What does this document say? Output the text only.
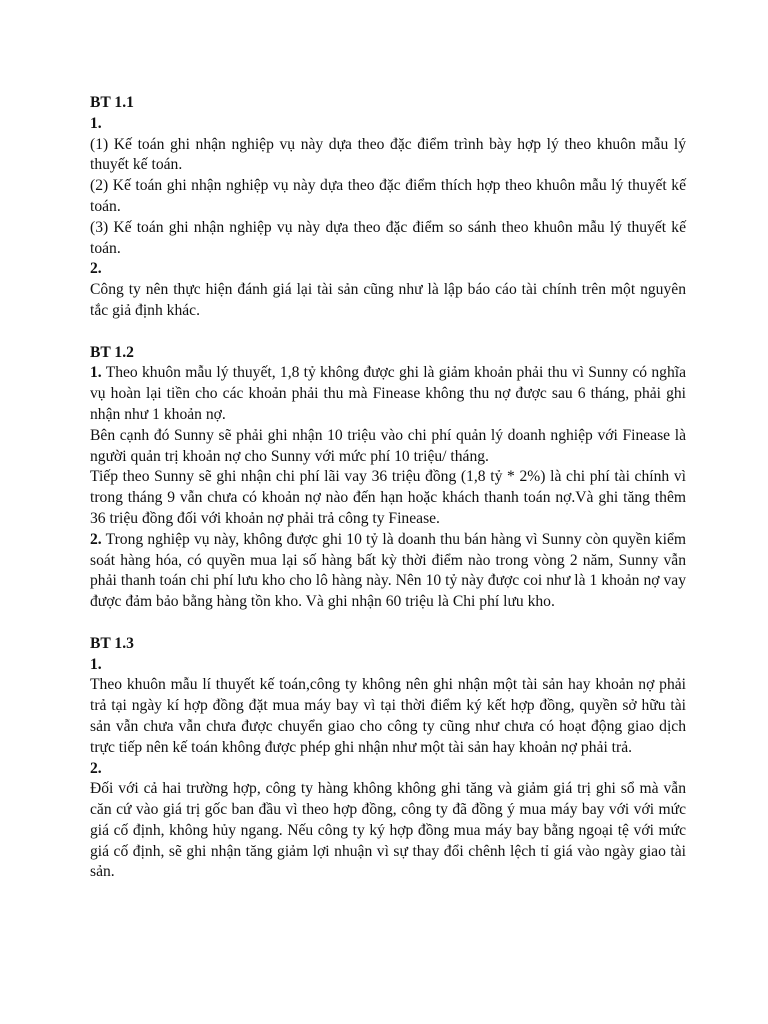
BT 1.1

1.

(1) Kế toán ghi nhận nghiệp vụ này dựa theo đặc điểm trình bày hợp lý theo khuôn mẫu lý thuyết kế toán.

(2) Kế toán ghi nhận nghiệp vụ này dựa theo đặc điểm thích hợp theo khuôn mẫu lý thuyết kế toán.

(3) Kế toán ghi nhận nghiệp vụ này dựa theo đặc điểm so sánh theo khuôn mẫu lý thuyết kế toán.

2.

Công ty nên thực hiện đánh giá lại tài sản cũng như là lập báo cáo tài chính trên một nguyên tắc giả định khác.

BT 1.2

1. Theo khuôn mẫu lý thuyết, 1,8 tỷ không được ghi là giảm khoản phải thu vì Sunny có nghĩa vụ hoàn lại tiền cho các khoản phải thu mà Finease không thu nợ được sau 6 tháng, phải ghi nhận như 1 khoản nợ.

Bên cạnh đó Sunny sẽ phải ghi nhận 10 triệu vào chi phí quản lý doanh nghiệp với Finease là người quản trị khoản nợ cho Sunny với mức phí 10 triệu/ tháng.

Tiếp theo Sunny sẽ ghi nhận chi phí lãi vay 36 triệu đồng (1,8 tỷ * 2%) là chi phí tài chính vì trong tháng 9 vẫn chưa có khoản nợ nào đến hạn hoặc khách thanh toán nợ.Và ghi tăng thêm 36 triệu đồng đối với khoản nợ phải trả công ty Finease.

2. Trong nghiệp vụ này, không được ghi 10 tỷ là doanh thu bán hàng vì Sunny còn quyền kiểm soát hàng hóa, có quyền mua lại số hàng bất kỳ thời điểm nào trong vòng 2 năm, Sunny vẫn phải thanh toán chi phí lưu kho cho lô hàng này. Nên 10 tỷ này được coi như là 1 khoản nợ vay được đảm bảo bằng hàng tồn kho. Và ghi nhận 60 triệu là Chi phí lưu kho.

BT 1.3

1.

Theo khuôn mẫu lí thuyết kế toán,công ty không nên ghi nhận một tài sản hay khoản nợ phải trả tại ngày kí hợp đồng đặt mua máy bay vì tại thời điểm ký kết hợp đồng, quyền sở hữu tài sản vẫn chưa vẫn chưa được chuyển giao cho công ty cũng như chưa có hoạt động giao dịch trực tiếp nên kế toán không được phép ghi nhận như một tài sản hay khoản nợ phải trả.

2.

Đối với cả hai trường hợp, công ty hàng không không ghi tăng và giảm giá trị ghi sổ mà vẫn căn cứ vào giá trị gốc ban đầu vì theo hợp đồng, công ty đã đồng ý mua máy bay với với mức giá cố định, không hủy ngang. Nếu công ty ký hợp đồng mua máy bay bằng ngoại tệ với mức giá cố định, sẽ ghi nhận tăng giảm lợi nhuận vì sự thay đổi chênh lệch tỉ giá vào ngày giao tài sản.
